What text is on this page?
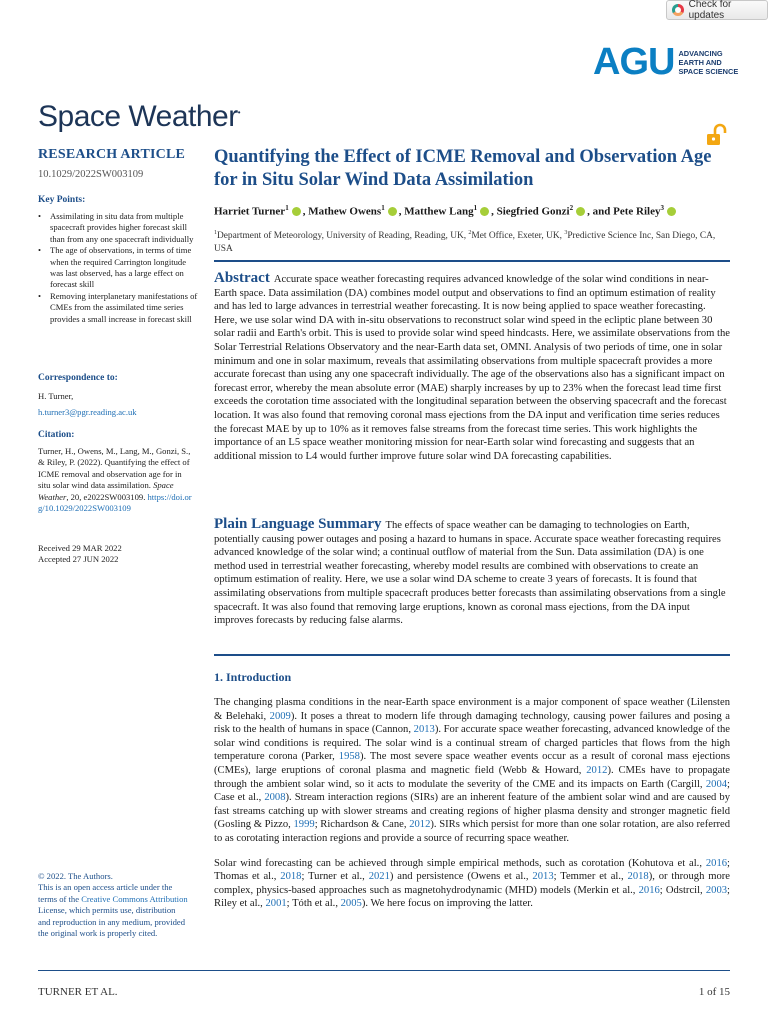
Check for updates
AGU ADVANCING
EARTH AND
SPACE SCIENCE
Space Weather•
RESEARCH ARTICLE
10.1029/2022SW003109
Key Points:
• Assimilating in situ data from multiple spacecraft provides higher forecast skill than from any one spacecraft individually
• The age of observations, in terms of time when the required Carrington longitude was last observed, has a large effect on forecast skill
• Removing interplanetary manifestations of CMEs from the assimilated time series provides a small increase in forecast skill
Correspondence to:
H. Turner,
h.turner3@pgr.reading.ac.uk
Citation:
Turner, H., Owens, M., Lang, M., Gonzi, S., & Riley, P. (2022). Quantifying the effect of ICME removal and observation age for in situ solar wind data assimilation. Space Weather, 20, e2022SW003109. https://doi.org/10.1029/2022SW003109
Received 29 MAR 2022
Accepted 27 JUN 2022
© 2022. The Authors.
This is an open access article under the terms of the Creative Commons Attribution License, which permits use, distribution and reproduction in any medium, provided the original work is properly cited.
Quantifying the Effect of ICME Removal and Observation Age for in Situ Solar Wind Data Assimilation
Harriet Turner$^1$ , Mathew Owens$^1$ , Matthew Lang$^1$ , Siegfried Gonzi$^2$ , and Pete Riley$^3$
$^1$Department of Meteorology, University of Reading, Reading, UK, $^2$Met Office, Exeter, UK, $^3$Predictive Science Inc, San Diego, CA, USA
Abstract Accurate space weather forecasting requires advanced knowledge of the solar wind conditions in near-Earth space. Data assimilation (DA) combines model output and observations to find an optimum estimation of reality and has led to large advances in terrestrial weather forecasting. It is now being applied to space weather forecasting. Here, we use solar wind DA with in-situ observations to reconstruct solar wind speed in the ecliptic plane between 30 solar radii and Earth's orbit. This is used to provide solar wind speed hindcasts. Here, we assimilate observations from the Solar Terrestrial Relations Observatory and the near-Earth data set, OMNI. Analysis of two periods of time, one in solar minimum and one in solar maximum, reveals that assimilating observations from multiple spacecraft provides a more accurate forecast than using any one spacecraft individually. The age of the observations also has a significant impact on forecast error, whereby the mean absolute error (MAE) sharply increases by up to 23% when the forecast lead time first exceeds the corotation time associated with the longitudinal separation between the observing spacecraft and the forecast location. It was also found that removing coronal mass ejections from the DA input and verification time series reduces the forecast MAE by up to 10% as it removes false streams from the forecast time series. This work highlights the importance of an L5 space weather monitoring mission for near-Earth solar wind forecasting and suggests that an additional mission to L4 would further improve future solar wind DA forecasting capabilities.
Plain Language Summary The effects of space weather can be damaging to technologies on Earth, potentially causing power outages and posing a hazard to humans in space. Accurate space weather forecasting requires advanced knowledge of the solar wind; a continual outflow of material from the Sun. Data assimilation (DA) is one method used in terrestrial weather forecasting, whereby model results are combined with observations to create an optimum estimation of reality. Here, we use a solar wind DA scheme to create 3 years of forecasts. It is found that assimilating observations from multiple spacecraft produces better forecasts than assimilating observations from a single spacecraft. It was also found that removing large eruptions, known as coronal mass ejections, from the DA input improves forecasts by reducing false alarms.
1. Introduction

The changing plasma conditions in the near-Earth space environment is a major component of space weather (Lilensten & Belehaki, 2009). It poses a threat to modern life through damaging technology, causing power failures and posing a risk to the health of humans in space (Cannon, 2013). For accurate space weather forecasting, advanced knowledge of the solar wind conditions is required. The solar wind is a continual stream of charged particles that flows from the high temperature corona (Parker, 1958). The most severe space weather events occur as a result of coronal mass ejections (CMEs), large eruptions of coronal plasma and magnetic field (Webb & Howard, 2012). CMEs have to propagate through the ambient solar wind, so it acts to modulate the severity of the CME and its impacts on Earth (Cargill, 2004; Case et al., 2008). Stream interaction regions (SIRs) are an inherent feature of the ambient solar wind and are caused by fast streams catching up with slower streams and creating regions of higher plasma density and stronger magnetic field (Gosling & Pizzo, 1999; Richardson & Cane, 2012). SIRs which persist for more than one solar rotation, are also referred to as corotating interaction regions and provide a source of recurring space weather.

Solar wind forecasting can be achieved through simple empirical methods, such as corotation (Kohutova et al., 2016; Thomas et al., 2018; Turner et al., 2021) and persistence (Owens et al., 2013; Temmer et al., 2018), or through more complex, physics-based approaches such as magnetohydrodynamic (MHD) models (Merkin et al., 2016; Odstrcil, 2003; Riley et al., 2001; Tóth et al., 2005). We here focus on improving the latter.

TURNER ET AL.	1 of 15
